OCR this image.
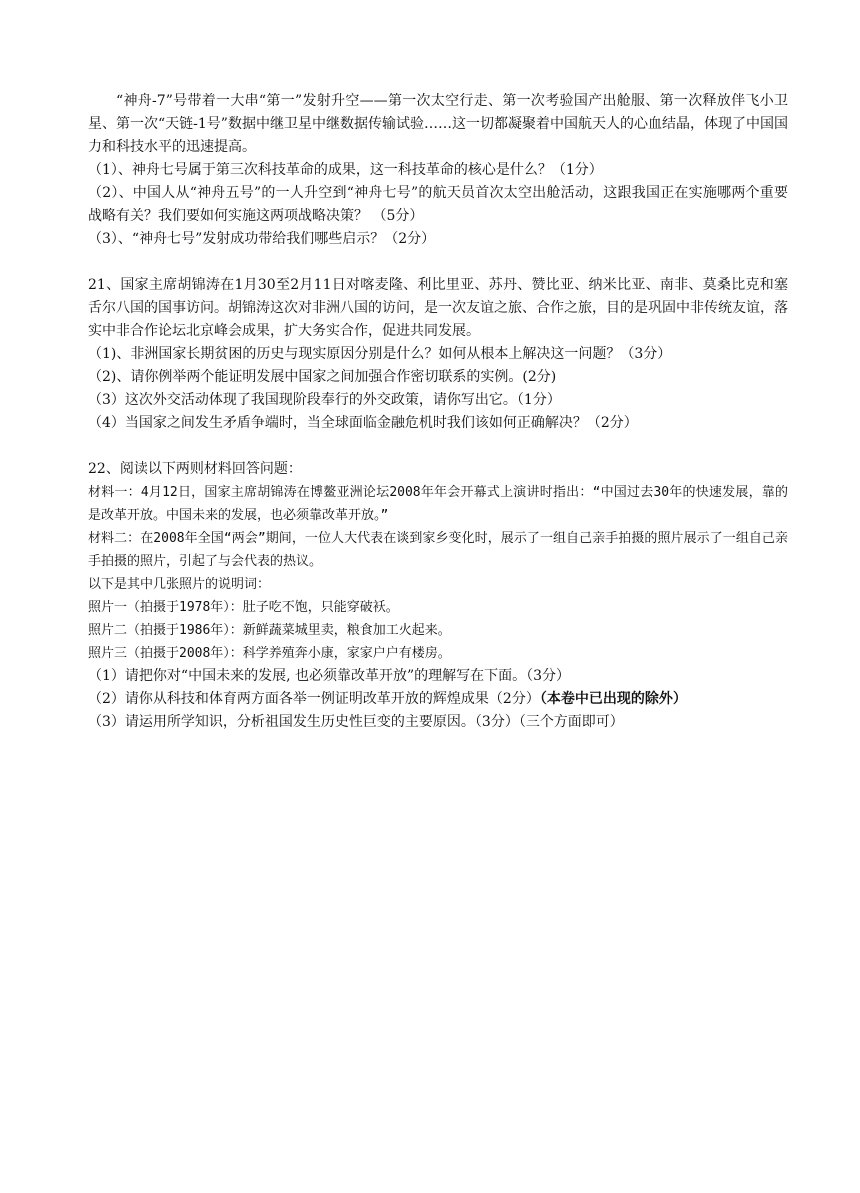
“神舟-7”号带着一大串“第一”发射升空——第一次太空行走、第一次考验国产出舱服、第一次释放伴飞小卫星、第一次“天链-1号”数据中继卫星中继数据传输试验……这一切都凝聚着中国航天人的心血结晶，体现了中国国力和科技水平的迅速提高。

（1）、神舟七号属于第三次科技革命的成果，这一科技革命的核心是什么？（1分）

（2）、中国人从“神舟五号”的一人升空到“神舟七号”的航天员首次太空出舱活动，这跟我国正在实施哪两个重要战略有关？我们要如何实施这两项战略决策？ （5分）

（3）、“神舟七号”发射成功带给我们哪些启示？（2分）

21、国家主席胡锦涛在1月30至2月11日对喀麦隆、利比里亚、苏丹、赞比亚、纳米比亚、南非、莫桑比克和塞舌尔八国的国事访问。胡锦涛这次对非洲八国的访问，是一次友谊之旅、合作之旅，目的是巩固中非传统友谊，落实中非合作论坛北京峰会成果，扩大务实合作，促进共同发展。

（1)、非洲国家长期贫困的历史与现实原因分别是什么？如何从根本上解决这一问题？（3分）

（2)、请你例举两个能证明发展中国家之间加强合作密切联系的实例。(2分)

（3）这次外交活动体现了我国现阶段奉行的外交政策，请你写出它。（1分）

（4）当国家之间发生矛盾争端时，当全球面临金融危机时我们该如何正确解决？（2分）

22、阅读以下两则材料回答问题：

材料一：4月12日，国家主席胡锦涛在博鳌亚洲论坛2008年年会开幕式上演讲时指出：“中国过去30年的快速发展，靠的是改革开放。中国未来的发展，也必须靠改革开放。”

材料二：在2008年全国“两会”期间，一位人大代表在谈到家乡变化时，展示了一组自己亲手拍摄的照片展示了一组自己亲手拍摄的照片，引起了与会代表的热议。

以下是其中几张照片的说明词：

照片一（拍摄于1978年）：肚子吃不饱，只能穿破袄。

照片二（拍摄于1986年）：新鲜蔬菜城里卖，粮食加工火起来。

照片三（拍摄于2008年）：科学养殖奔小康，家家户户有楼房。

（1）请把你对“中国未来的发展, 也必须靠改革开放”的理解写在下面。（3分）

（2）请你从科技和体育两方面各举一例证明改革开放的辉煌成果（2分）（本卷中已出现的除外）

（3）请运用所学知识，分析祖国发生历史性巨变的主要原因。（3分）（三个方面即可）
